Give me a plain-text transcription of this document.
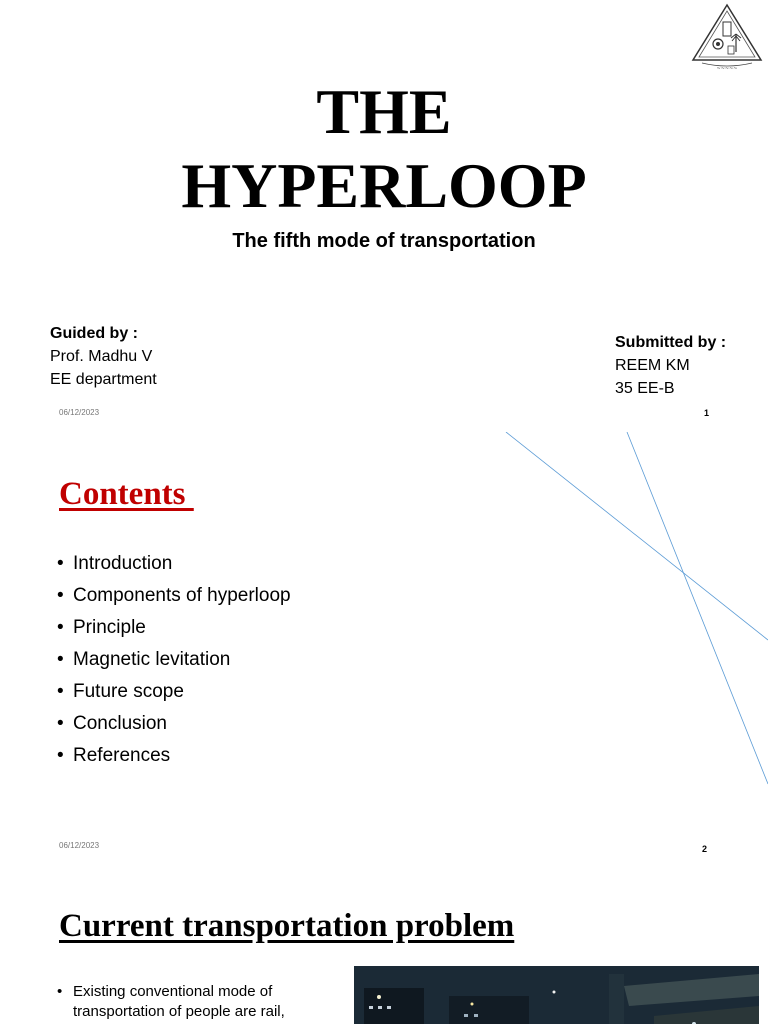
~~~~~
THE
HYPERLOOP
The fifth mode of transportation
Guided by :
Prof. Madhu V
EE department
Submitted by :
REEM KM
35 EE-B
06/12/2023	1
Contents
• Introduction
• Components of hyperloop
• Principle
• Magnetic levitation
• Future scope
• Conclusion
• References
06/12/2023	2
Current transportation problem
• Existing conventional mode of
transportation of people are rail,
